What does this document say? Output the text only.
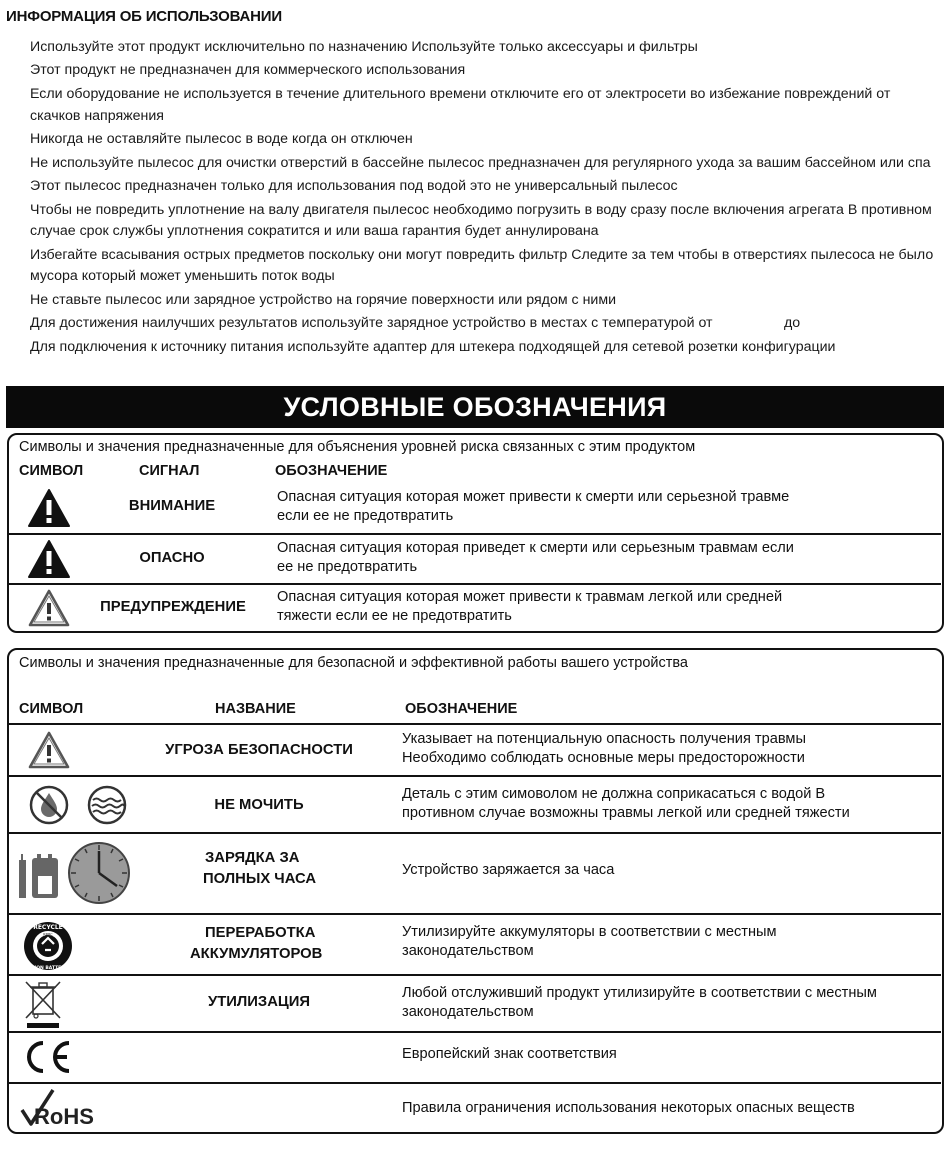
ИНФОРМАЦИЯ ОБ ИСПОЛЬЗОВАНИИ
Используйте этот продукт исключительно по назначению Используйте только аксессуары и фильтры
Этот продукт не предназначен для коммерческого использования
Если оборудование не используется в течение длительного времени отключите его от электросети во избежание повреждений от
скачков напряжения
Никогда не оставляйте пылесос в воде когда он отключен
Не используйте пылесос для очистки отверстий в бассейне пылесос предназначен для регулярного ухода за вашим бассейном или спа
Этот пылесос предназначен только для использования под водой это не универсальный пылесос
Чтобы не повредить уплотнение на валу двигателя пылесос необходимо погрузить в воду сразу после включения агрегата В противном
случае срок службы уплотнения сократится и или ваша гарантия будет аннулирована
Избегайте всасывания острых предметов поскольку они могут повредить фильтр Следите за тем чтобы в отверстиях пылесоса не было
мусора который может уменьшить поток воды
Не ставьте пылесос или зарядное устройство на горячие поверхности или рядом с ними
Для достижения наилучших результатов используйте зарядное устройство в местах с температурой от	до
Для подключения к источнику питания используйте адаптер для штекера подходящей для сетевой розетки конфигурации
УСЛОВНЫЕ ОБОЗНАЧЕНИЯ
Символы и значения предназначенные для объяснения уровней риска связанных с этим продуктом
СИМВОЛ	СИГНАЛ	ОБОЗНАЧЕНИЕ
ВНИМАНИЕ
Опасная ситуация которая может привести к смерти или серьезной травме
если ее не предотвратить
ОПАСНО
Опасная ситуация которая приведет к смерти или серьезным травмам если
ее не предотвратить
ПРЕДУПРЕЖДЕНИЕ
Опасная ситуация которая может привести к травмам легкой или средней
тяжести если ее не предотвратить
Символы и значения предназначенные для безопасной и эффективной работы вашего устройства
СИМВОЛ	НАЗВАНИЕ	ОБОЗНАЧЕНИЕ
УГРОЗА БЕЗОПАСНОСТИ
Указывает на потенциальную опасность получения травмы
Необходимо соблюдать основные меры предосторожности
НЕ МОЧИТЬ
Деталь с этим симоволом не должна соприкасаться с водой В
противном случае возможны травмы легкой или средней тяжести
ЗАРЯДКА ЗА
ПОЛНЫХ ЧАСА
Устройство заряжается за часа
RECYCLE
Li-ION BATTERY
RBRC	ПЕРЕРАБОТКА
АККУМУЛЯТОРОВ
Утилизируйте аккумуляторы в соответствии с местным
законодательством
УТИЛИЗАЦИЯ
Любой отслуживший продукт утилизируйте в соответствии с местным
законодательством
CE
Европейский знак соответствия
RoHS	Правила ограничения использования некоторых опасных веществ
